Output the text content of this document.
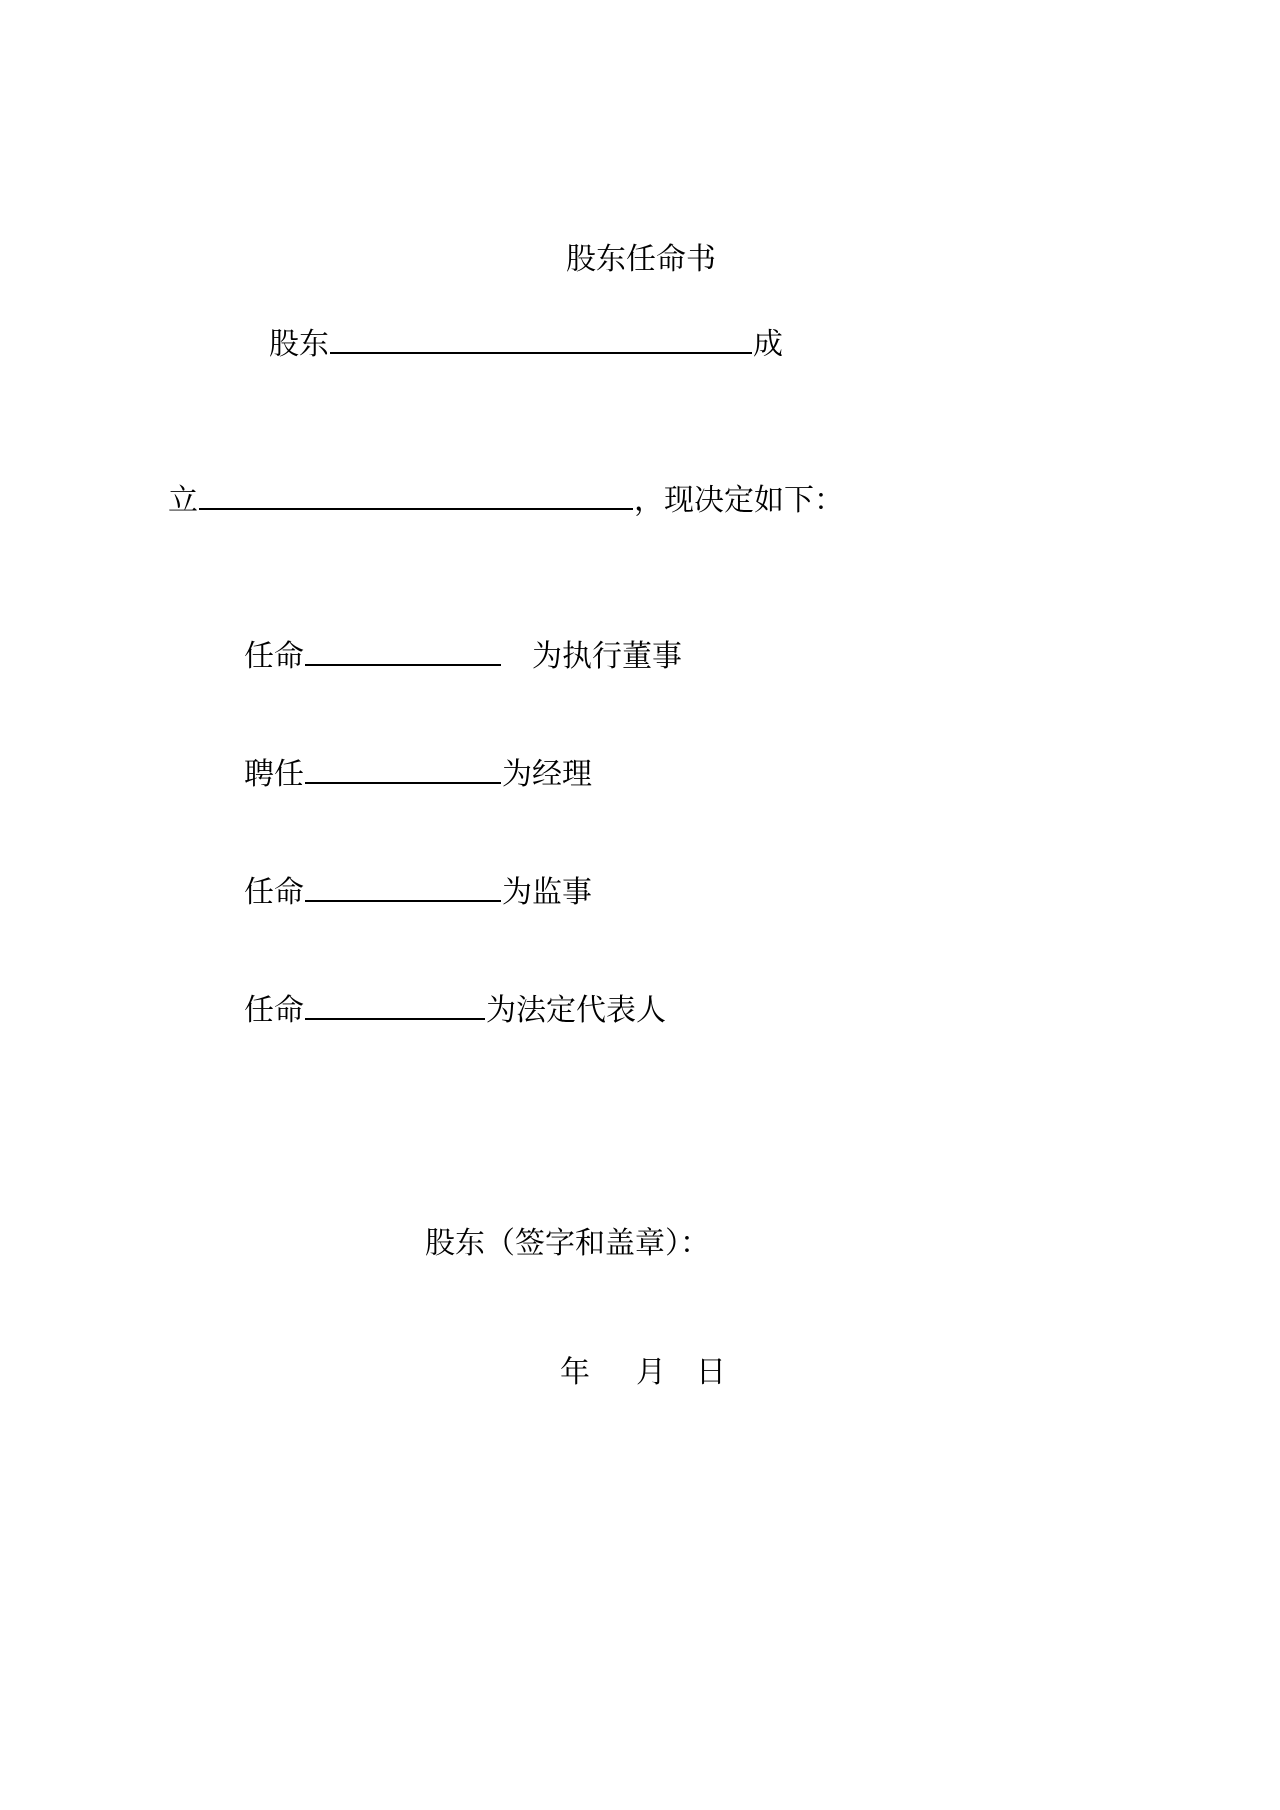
股东任命书
股东	成
立	，现决定如下：
任命	为执行董事
聘任	为经理
任命	为监事
任命	为法定代表人
股东（签字和盖章）：
年 月 日
